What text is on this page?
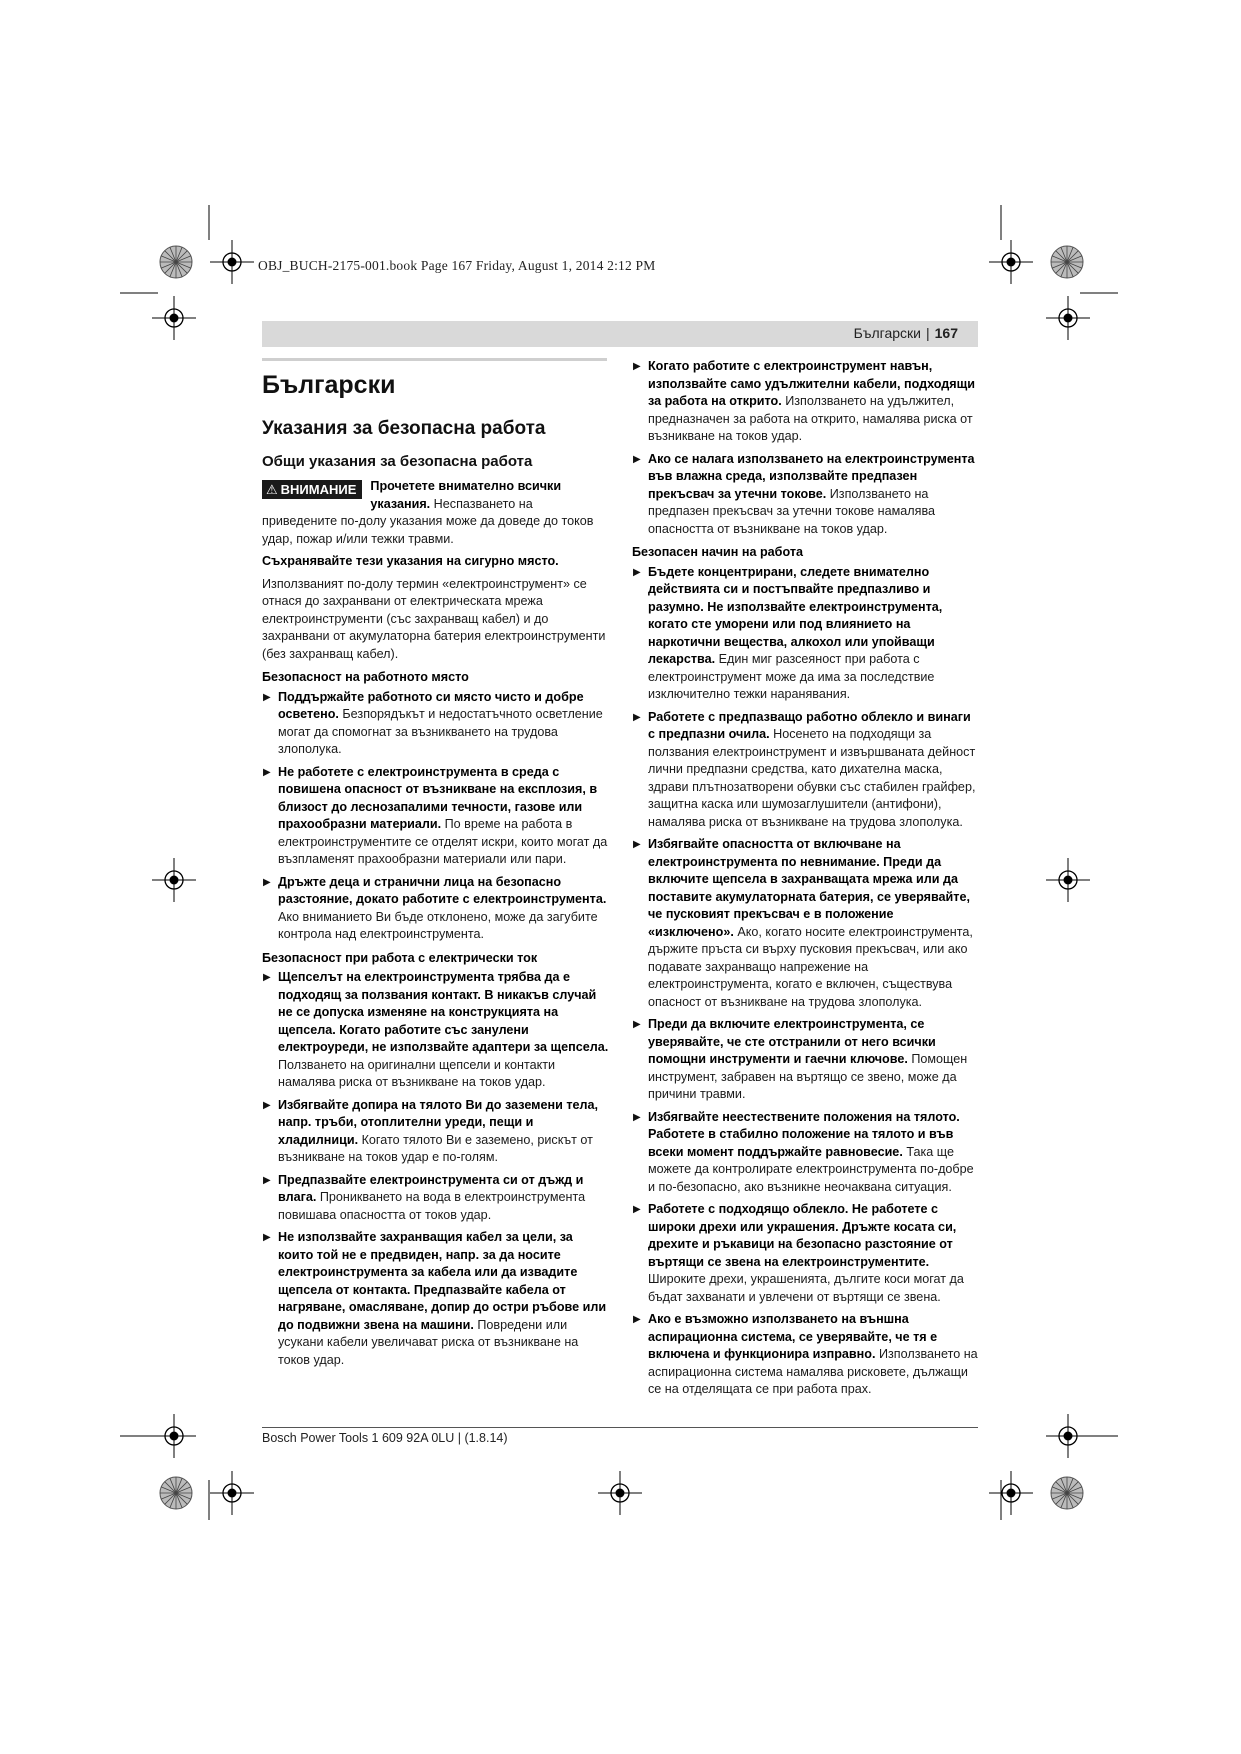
OBJ_BUCH-2175-001.book Page 167 Friday, August 1, 2014 2:12 PM
Български | 167
Български
Указания за безопасна работа
Общи указания за безопасна работа

⚠ ВНИМАНИЕ	Прочетете внимателно всички указания. Неспазването на приведените по-долу указания може да доведе до токов удар, пожар и/или тежки травми.

Съхранявайте тези указания на сигурно място.

Използваният по-долу термин «електроинструмент» се отнася до захранвани от електрическата мрежа електроинструменти (със захранващ кабел) и до захранвани от акумулаторна батерия електроинструменти (без захранващ кабел).

Безопасност на работното място
▶ Поддържайте работното си място чисто и добре осветено. Безпорядъкът и недостатъчното осветление могат да спомогнат за възникването на трудова злополука.
▶ Не работете с електроинструмента в среда с повишена опасност от възникване на експлозия, в близост до леснозапалими течности, газове или прахообразни материали. По време на работа в електроинструментите се отделят искри, които могат да възпламенят прахообразни материали или пари.
▶ Дръжте деца и странични лица на безопасно разстояние, докато работите с електроинструмента. Ако вниманието Ви бъде отклонено, може да загубите контрола над електроинструмента.
Безопасност при работа с електрически ток
▶ Щепселът на електроинструмента трябва да е подходящ за ползвания контакт. В никакъв случай не се допуска изменяне на конструкцията на щепсела. Когато работите със занулени електроуреди, не използвайте адаптери за щепсела. Ползването на оригинални щепсели и контакти намалява риска от възникване на токов удар.
▶ Избягвайте допира на тялото Ви до заземени тела, напр. тръби, отоплителни уреди, пещи и хладилници. Когато тялото Ви е заземено, рискът от възникване на токов удар е по-голям.
▶ Предпазвайте електроинструмента си от дъжд и влага. Проникването на вода в електроинструмента повишава опасността от токов удар.
▶ Не използвайте захранващия кабел за цели, за които той не е предвиден, напр. за да носите електроинструмента за кабела или да извадите щепсела от контакта. Предпазвайте кабела от нагряване, омасляване, допир до остри ръбове или до подвижни звена на машини. Повредени или усукани кабели увеличават риска от възникване на токов удар.
▶ Когато работите с електроинструмент навън, използвайте само удължителни кабели, подходящи за работа на открито. Използването на удължител, предназначен за работа на открито, намалява риска от възникване на токов удар.
▶ Ако се налага използването на електроинструмента във влажна среда, използвайте предпазен прекъсвач за утечни токове. Използването на предпазен прекъсвач за утечни токове намалява опасността от възникване на токов удар.
Безопасен начин на работа
▶ Бъдете концентрирани, следете внимателно действията си и постъпвайте предпазливо и разумно. Не използвайте електроинструмента, когато сте уморени или под влиянието на наркотични вещества, алкохол или упойващи лекарства. Един миг разсеяност при работа с електроинструмент може да има за последствие изключително тежки наранявания.
▶ Работете с предпазващо работно облекло и винаги с предпазни очила. Носенето на подходящи за ползвания електроинструмент и извършваната дейност лични предпазни средства, като дихателна маска, здрави плътнозатворени обувки със стабилен грайфер, защитна каска или шумозаглушители (антифони), намалява риска от възникване на трудова злополука.
▶ Избягвайте опасността от включване на електроинструмента по невнимание. Преди да включите щепсела в захранващата мрежа или да поставите акумулаторната батерия, се уверявайте, че пусковият прекъсвач е в положение «изключено». Ако, когато носите електроинструмента, държите пръста си върху пусковия прекъсвач, или ако подавате захранващо напрежение на електроинструмента, когато е включен, съществува опасност от възникване на трудова злополука.
▶ Преди да включите електроинструмента, се уверявайте, че сте отстранили от него всички помощни инструменти и гаечни ключове. Помощен инструмент, забравен на въртящо се звено, може да причини травми.
▶ Избягвайте неестествените положения на тялото. Работете в стабилно положение на тялото и във всеки момент поддържайте равновесие. Така ще можете да контролирате електроинструмента по-добре и по-безопасно, ако възникне неочаквана ситуация.
▶ Работете с подходящо облекло. Не работете с широки дрехи или украшения. Дръжте косата си, дрехите и ръкавици на безопасно разстояние от въртящи се звена на електроинструментите. Широките дрехи, украшенията, дългите коси могат да бъдат захванати и увлечени от въртящи се звена.
▶ Ако е възможно използването на външна аспирационна система, се уверявайте, че тя е включена и функционира изправно. Използването на аспирационна система намалява рисковете, дължащи се на отделящата се при работа прах.
Bosch Power Tools 1 609 92A 0LU | (1.8.14)
